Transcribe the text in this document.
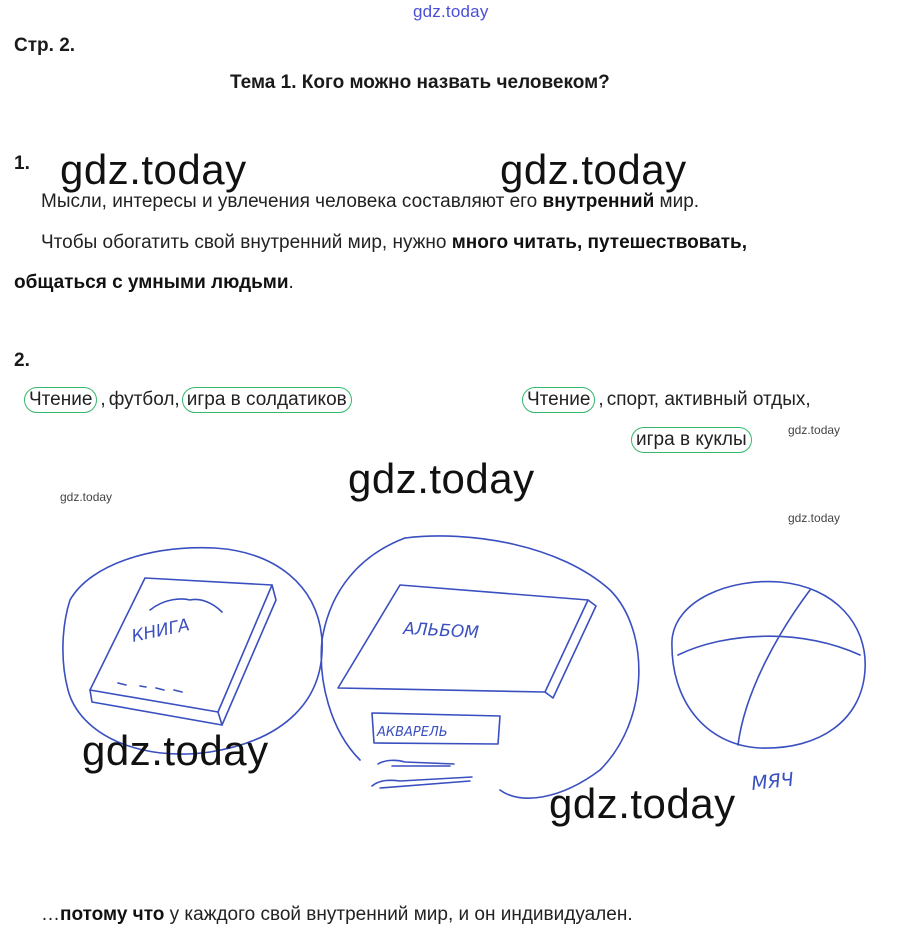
gdz.today
Стр. 2.
Тема 1. Кого можно назвать человеком?
1. gdz.today	gdz.today
Мысли, интересы и увлечения человека составляют его внутренний мир.
Чтобы обогатить свой внутренний мир, нужно много читать, путешествовать,
общаться с умными людьми.
2.
Чтение , футбол, игра в солдатиков	Чтение , спорт, активный отдых,
игра в куклы	gdz.today
gdz.today
gdz.today
gdz.today
КНИГА	АЛЬБОМ
АКВАРЕЛЬ
МЯЧ
gdz.today
gdz.today
…потому что у каждого свой внутренний мир, и он индивидуален.
